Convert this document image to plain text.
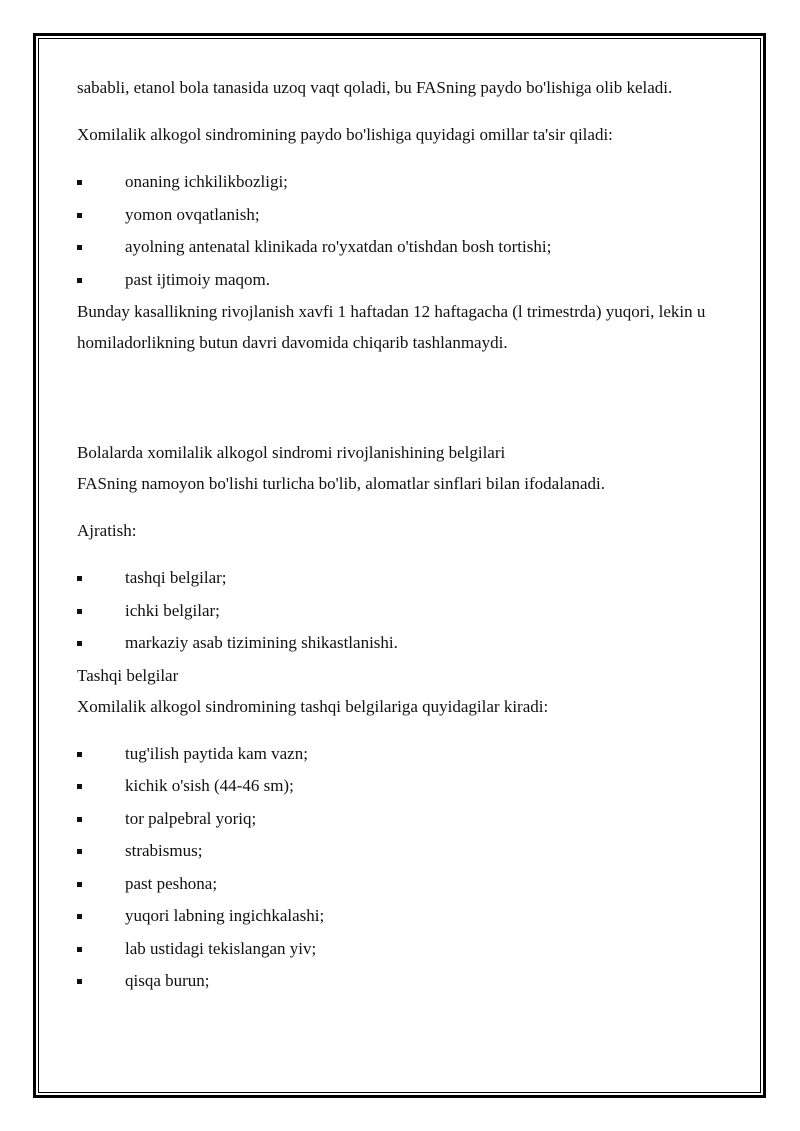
sababli, etanol bola tanasida uzoq vaqt qoladi, bu FASning paydo bo'lishiga olib keladi.

Xomilalik alkogol sindromining paydo bo'lishiga quyidagi omillar ta'sir qiladi:

onaning ichkilikbozligi;
yomon ovqatlanish;
ayolning antenatal klinikada ro'yxatdan o'tishdan bosh tortishi;
past ijtimoiy maqom.

Bunday kasallikning rivojlanish xavfi 1 haftadan 12 haftagacha (l trimestrda) yuqori, lekin u homiladorlikning butun davri davomida chiqarib tashlanmaydi.

Bolalarda xomilalik alkogol sindromi rivojlanishining belgilari

FASning namoyon bo'lishi turlicha bo'lib, alomatlar sinflari bilan ifodalanadi.

Ajratish:

tashqi belgilar;
ichki belgilar;
markaziy asab tizimining shikastlanishi.

Tashqi belgilar

Xomilalik alkogol sindromining tashqi belgilariga quyidagilar kiradi:

tug'ilish paytida kam vazn;
kichik o'sish (44-46 sm);
tor palpebral yoriq;
strabismus;
past peshona;
yuqori labning ingichkalashi;
lab ustidagi tekislangan yiv;
qisqa burun;
